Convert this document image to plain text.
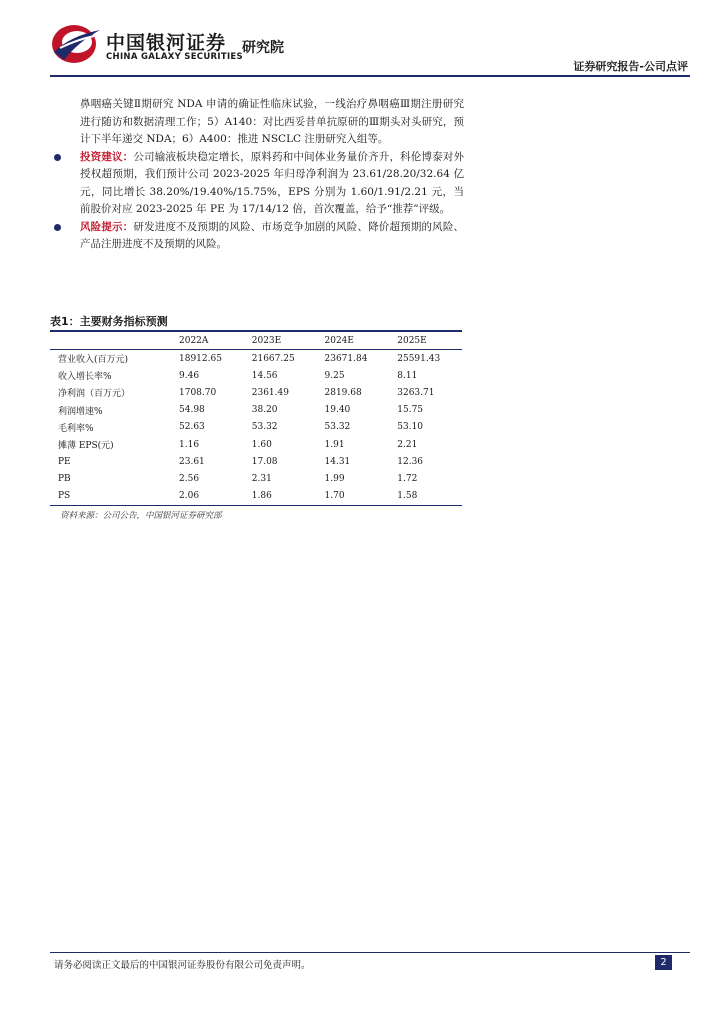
中国银河证券
CHINA GALAXY SECURITIES
研究院
证券研究报告-公司点评

鼻咽癌关键Ⅱ期研究 NDA 申请的确证性临床试验，一线治疗鼻咽癌Ⅲ期注册研究进行随访和数据清理工作；5）A140：对比西妥昔单抗原研的Ⅲ期头对头研究，预计下半年递交 NDA；6）A400：推进 NSCLC 注册研究入组等。

投资建议：公司输液板块稳定增长，原料药和中间体业务量价齐升，科伦博泰对外授权超预期，我们预计公司 2023-2025 年归母净利润为 23.61/28.20/32.64 亿元，同比增长 38.20%/19.40%/15.75%，EPS 分别为 1.60/1.91/2.21 元，当前股价对应 2023-2025 年 PE 为 17/14/12 倍，首次覆盖，给予“推荐”评级。

风险提示：研发进度不及预期的风险、市场竞争加剧的风险、降价超预期的风险、产品注册进度不及预期的风险。

表1：主要财务指标预测
	2022A	2023E	2024E	2025E
营业收入(百万元)	18912.65	21667.25	23671.84	25591.43
收入增长率%	9.46	14.56	9.25	8.11
净利润（百万元）	1708.70	2361.49	2819.68	3263.71
利润增速%	54.98	38.20	19.40	15.75
毛利率%	52.63	53.32	53.32	53.10
摊薄 EPS(元)	1.16	1.60	1.91	2.21
PE	23.61	17.08	14.31	12.36
PB	2.56	2.31	1.99	1.72
PS	2.06	1.86	1.70	1.58
资料来源：公司公告，中国银河证券研究部
请务必阅读正文最后的中国银河证券股份有限公司免责声明。	2
